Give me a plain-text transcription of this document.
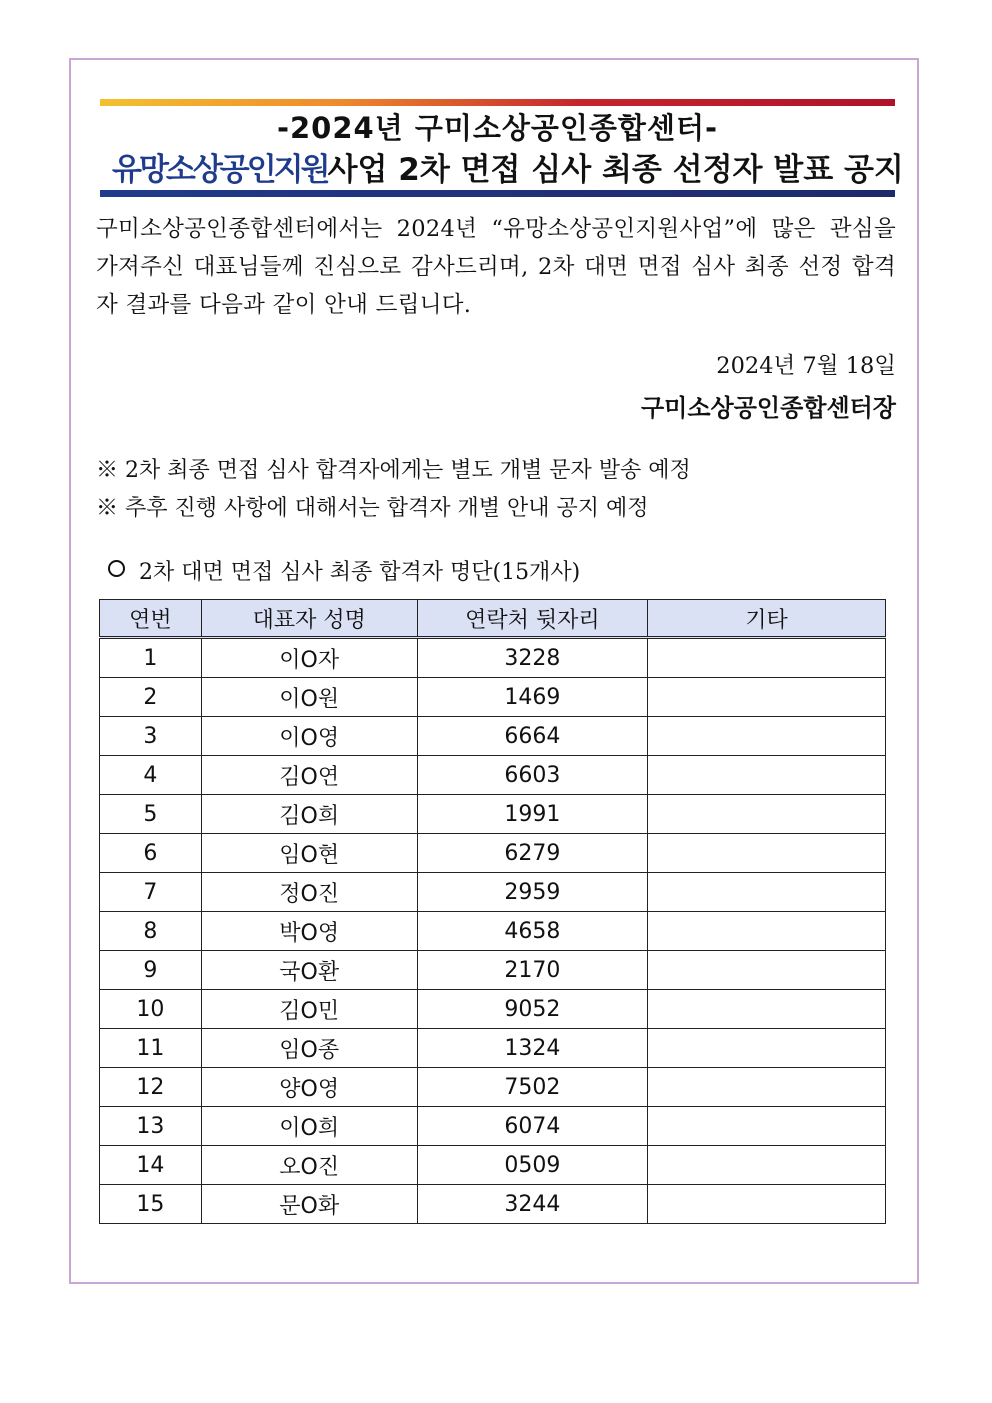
-2024년 구미소상공인종합센터-
유망소상공인지원사업 2차 면접 심사 최종 선정자 발표 공지
구미소상공인종합센터에서는 2024년 “유망소상공인지원사업”에 많은 관심을 가져주신 대표님들께 진심으로 감사드리며, 2차 대면 면접 심사 최종 선정 합격자 결과를 다음과 같이 안내 드립니다.
2024년 7월 18일
구미소상공인종합센터장
※ 2차 최종 면접 심사 합격자에게는 별도 개별 문자 발송 예정
※ 추후 진행 사항에 대해서는 합격자 개별 안내 공지 예정
2차 대면 면접 심사 최종 합격자 명단(15개사)
연번	대표자 성명	연락처 뒷자리	기타
1	이O자	3228	
2	이O원	1469	
3	이O영	6664	
4	김O연	6603	
5	김O희	1991	
6	임O현	6279	
7	정O진	2959	
8	박O영	4658	
9	국O환	2170	
10	김O민	9052	
11	임O종	1324	
12	양O영	7502	
13	이O희	6074	
14	오O진	0509	
15	문O화	3244	
